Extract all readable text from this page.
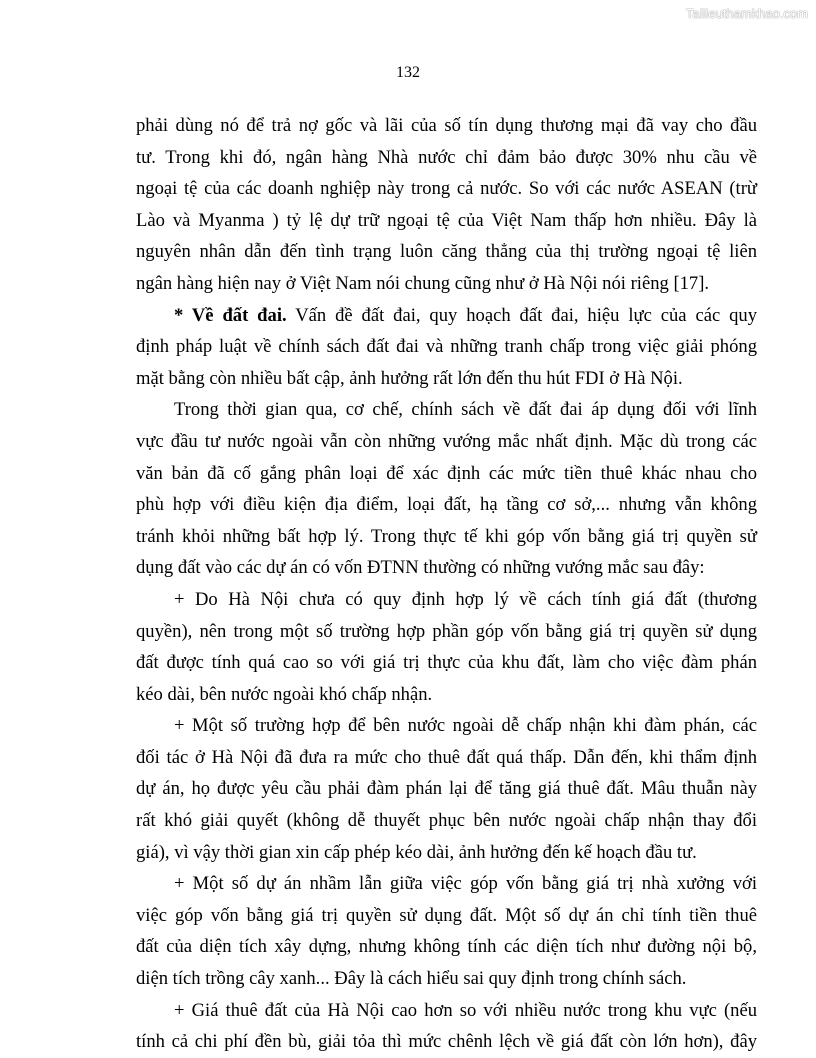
Tailieuthamkhao.com
132
phải dùng nó để trả nợ gốc và lãi của số tín dụng thương mại đã vay cho đầu
tư. Trong khi đó, ngân hàng Nhà nước chỉ đảm bảo được 30% nhu cầu về
ngoại tệ của các doanh nghiệp này trong cả nước. So với các nước ASEAN (trừ
Lào và Myanma ) tỷ lệ dự trữ ngoại tệ của Việt Nam thấp hơn nhiều. Đây là
nguyên nhân dẫn đến tình trạng luôn căng thẳng của thị trường ngoại tệ liên
ngân hàng hiện nay ở Việt Nam nói chung cũng như ở Hà Nội nói riêng [17].
* Về đất đai. Vấn đề đất đai, quy hoạch đất đai, hiệu lực của các quy
định pháp luật về chính sách đất đai và những tranh chấp trong việc giải phóng
mặt bằng còn nhiều bất cập, ảnh hưởng rất lớn đến thu hút FDI ở Hà Nội.
Trong thời gian qua, cơ chế, chính sách về đất đai áp dụng đối với lĩnh
vực đầu tư nước ngoài vẫn còn những vướng mắc nhất định. Mặc dù trong các
văn bản đã cố gắng phân loại để xác định các mức tiền thuê khác nhau cho
phù hợp với điều kiện địa điểm, loại đất, hạ tầng cơ sở,... nhưng vẫn không
tránh khỏi những bất hợp lý. Trong thực tế khi góp vốn bằng giá trị quyền sử
dụng đất vào các dự án có vốn ĐTNN thường có những vướng mắc sau đây:
+ Do Hà Nội chưa có quy định hợp lý về cách tính giá đất (thương
quyền), nên trong một số trường hợp phần góp vốn bằng giá trị quyền sử dụng
đất được tính quá cao so với giá trị thực của khu đất, làm cho việc đàm phán
kéo dài, bên nước ngoài khó chấp nhận.
+ Một số trường hợp để bên nước ngoài dễ chấp nhận khi đàm phán, các
đối tác ở Hà Nội đã đưa ra mức cho thuê đất quá thấp. Dẫn đến, khi thẩm định
dự án, họ được yêu cầu phải đàm phán lại để tăng giá thuê đất. Mâu thuẫn này
rất khó giải quyết (không dễ thuyết phục bên nước ngoài chấp nhận thay đổi
giá), vì vậy thời gian xin cấp phép kéo dài, ảnh hưởng đến kế hoạch đầu tư.
+ Một số dự án nhầm lẫn giữa việc góp vốn bằng giá trị nhà xưởng với
việc góp vốn bằng giá trị quyền sử dụng đất. Một số dự án chỉ tính tiền thuê
đất của diện tích xây dựng, nhưng không tính các diện tích như đường nội bộ,
diện tích trồng cây xanh... Đây là cách hiểu sai quy định trong chính sách.
+ Giá thuê đất của Hà Nội cao hơn so với nhiều nước trong khu vực (nếu
tính cả chi phí đền bù, giải tỏa thì mức chênh lệch về giá đất còn lớn hơn), đây
